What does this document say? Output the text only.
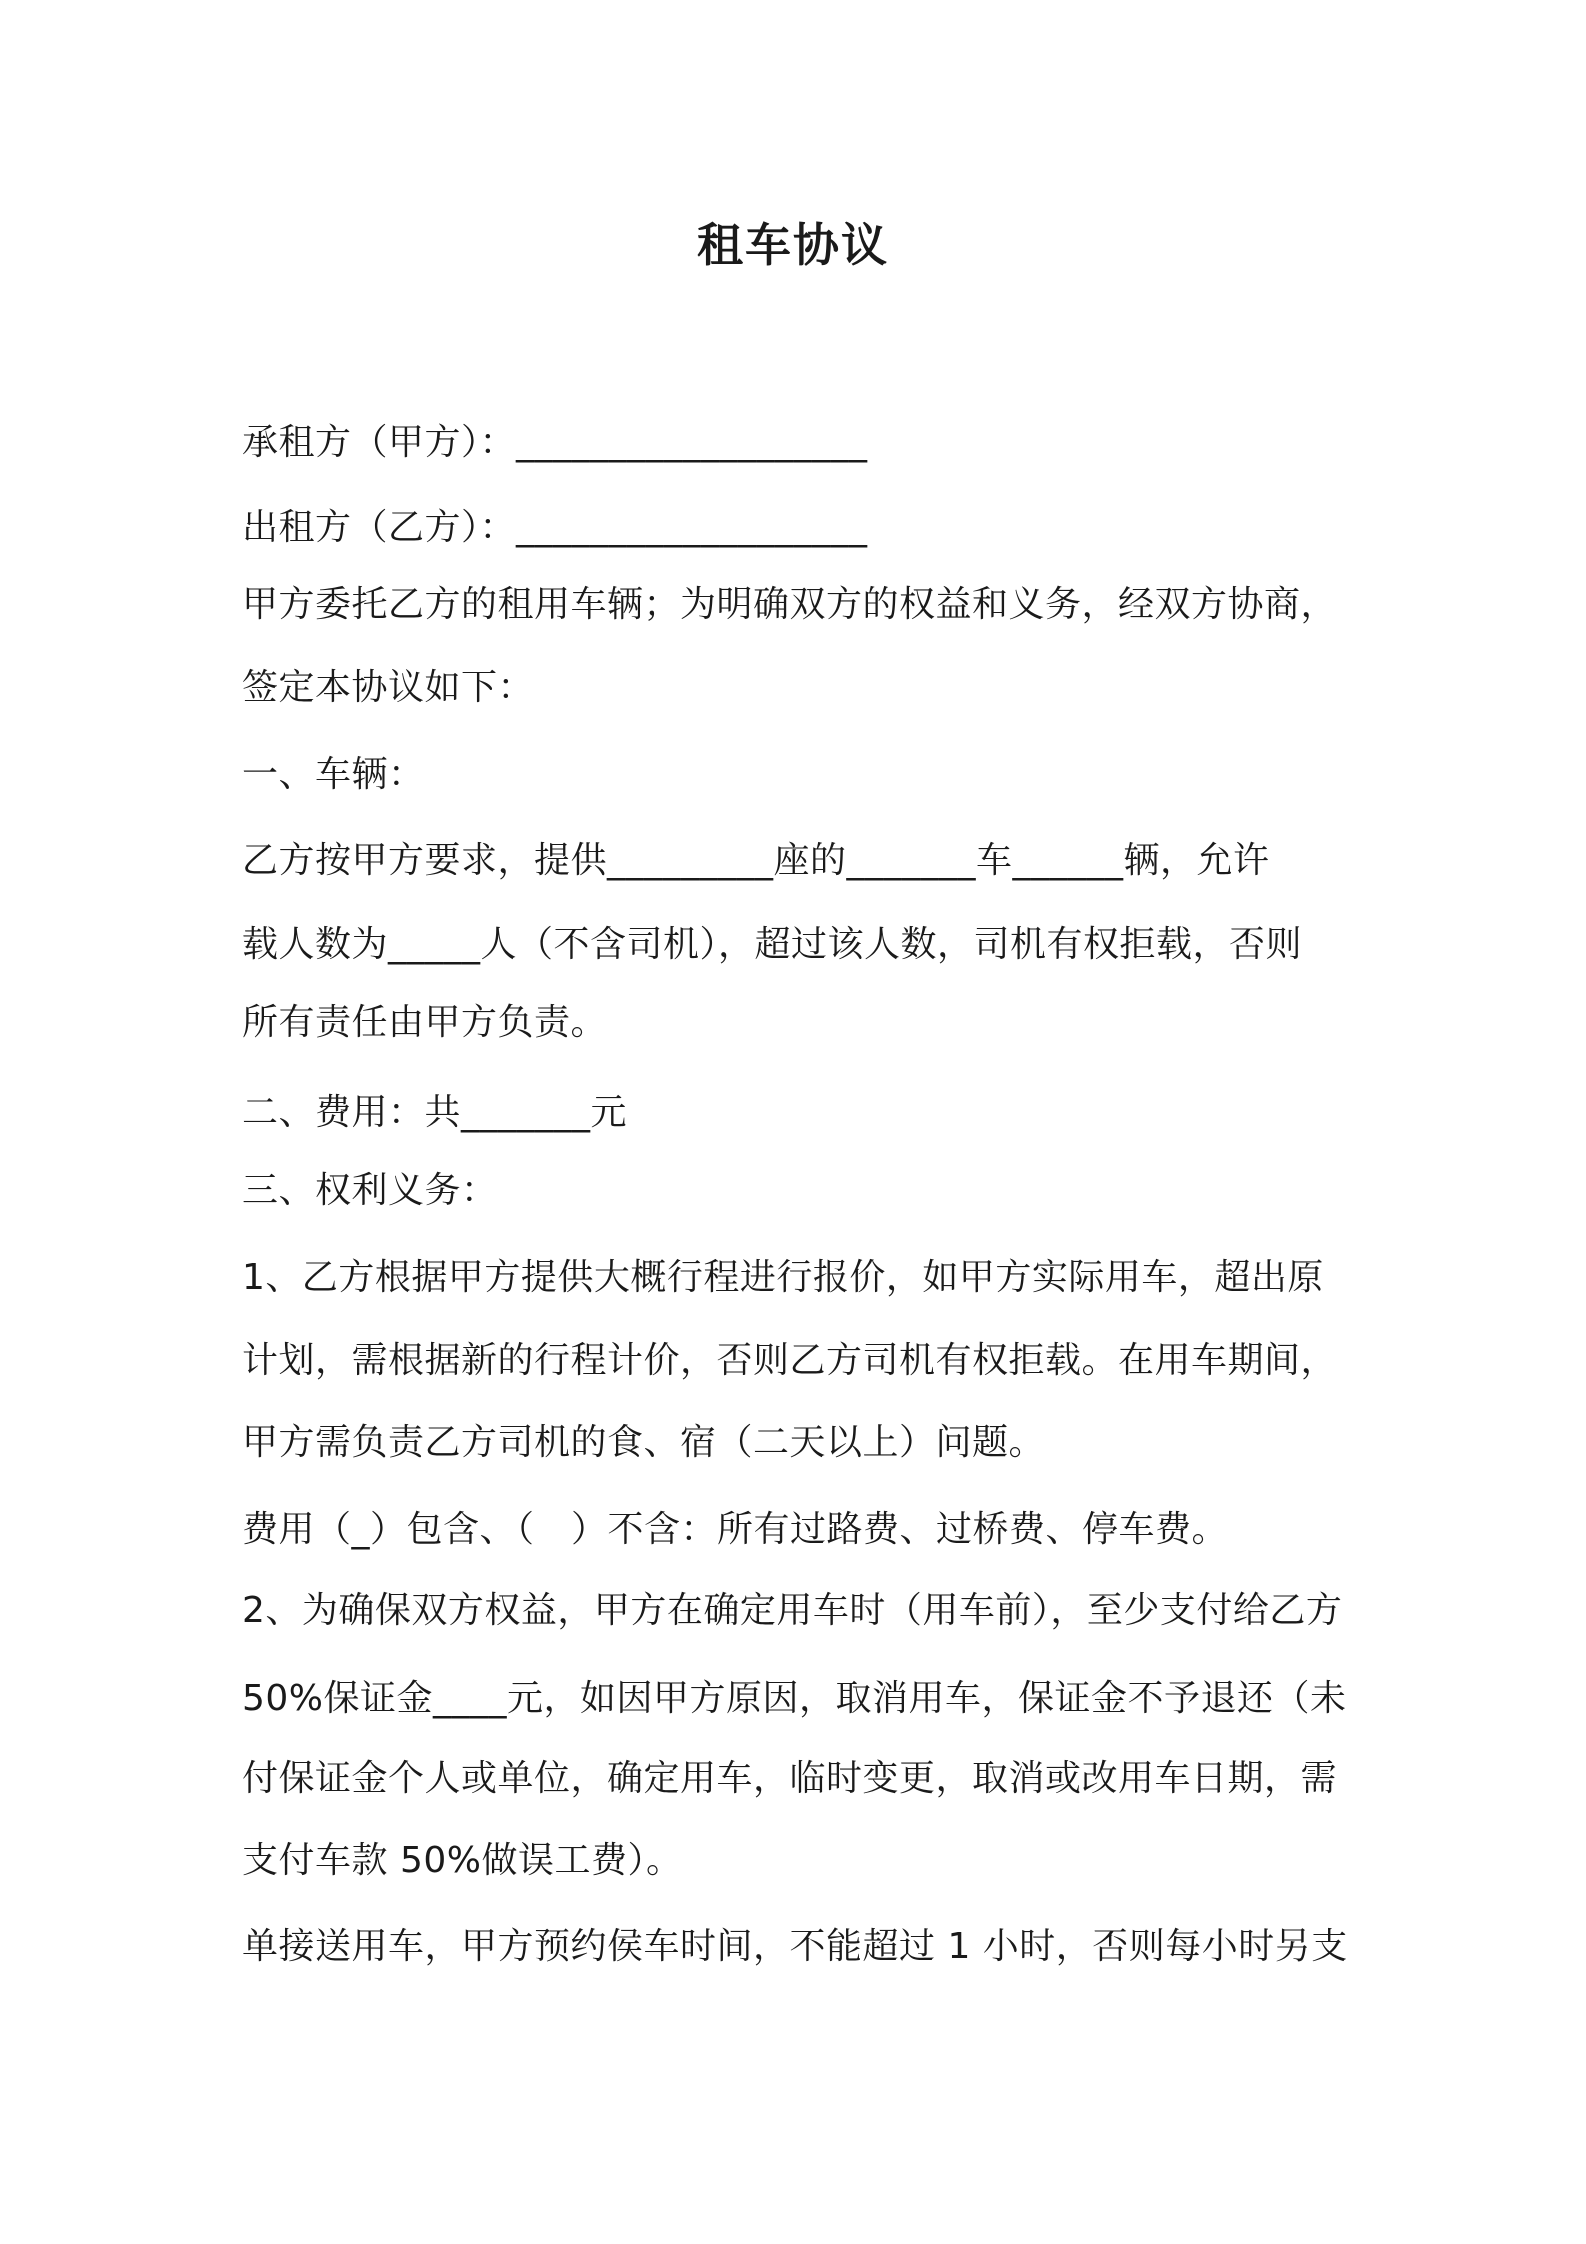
租车协议
承租方（甲方）：___________________
出租方（乙方）：___________________
甲方委托乙方的租用车辆；为明确双方的权益和义务，经双方协商，
签定本协议如下：
一、车辆：
乙方按甲方要求，提供_________座的_______车______辆，允许
载人数为_____人（不含司机），超过该人数，司机有权拒载，否则
所有责任由甲方负责。
二、费用：共_______元
三、权利义务：
1、乙方根据甲方提供大概行程进行报价，如甲方实际用车，超出原
计划，需根据新的行程计价，否则乙方司机有权拒载。在用车期间，
甲方需负责乙方司机的食、宿（二天以上）问题。
费用（_）包含、（　）不含：所有过路费、过桥费、停车费。
2、为确保双方权益，甲方在确定用车时（用车前），至少支付给乙方
50%保证金____元，如因甲方原因，取消用车，保证金不予退还（未
付保证金个人或单位，确定用车，临时变更，取消或改用车日期，需
支付车款 50%做误工费）。
单接送用车，甲方预约侯车时间，不能超过 1 小时，否则每小时另支
